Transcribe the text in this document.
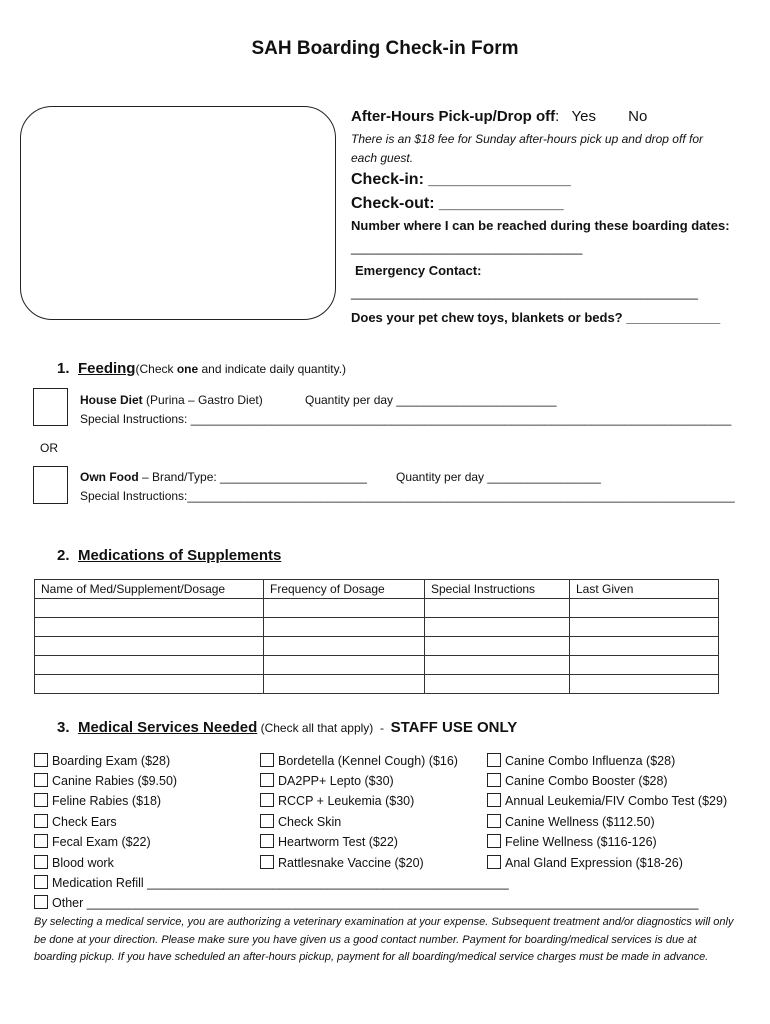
SAH Boarding Check-in Form
After-Hours Pick-up/Drop off: Yes No
There is an $18 fee for Sunday after-hours pick up and drop off for
each guest.
Check-in: ________________
Check-out: ______________
Number where I can be reached during these boarding dates:
________________________________
Emergency Contact:
________________________________________________
Does your pet chew toys, blankets or beds? _____________
1. Feeding(Check one and indicate daily quantity.)
House Diet (Purina – Gastro Diet)	Quantity per day ________________________
Special Instructions: _________________________________________________________________________________
OR
Own Food – Brand/Type: ______________________ Quantity per day _________________
Special Instructions:__________________________________________________________________________________
2. Medications of Supplements
Name of Med/Supplement/Dosage	Frequency of Dosage	Special Instructions	Last Given

3. Medical Services Needed (Check all that apply)  -  STAFF USE ONLY
Boarding Exam ($28)
Canine Rabies ($9.50)
Feline Rabies ($18)
Check Ears
Fecal Exam ($22)
Blood work
Bordetella (Kennel Cough) ($16)
DA2PP+ Lepto ($30)
RCCP + Leukemia ($30)
Check Skin
Heartworm Test ($22)
Rattlesnake Vaccine ($20)
Canine Combo Influenza ($28)
Canine Combo Booster ($28)
Annual Leukemia/FIV Combo Test ($29)
Canine Wellness ($112.50)
Feline Wellness ($116-126)
Anal Gland Expression ($18-26)
Medication Refill ____________________________________________________
Other ________________________________________________________________________________________
By selecting a medical service, you are authorizing a veterinary examination at your expense. Subsequent treatment and/or diagnostics will only be done at your direction. Please make sure you have given us a good contact number. Payment for boarding/medical services is due at boarding pickup. If you have scheduled an after-hours pickup, payment for all boarding/medical service charges must be made in advance.
